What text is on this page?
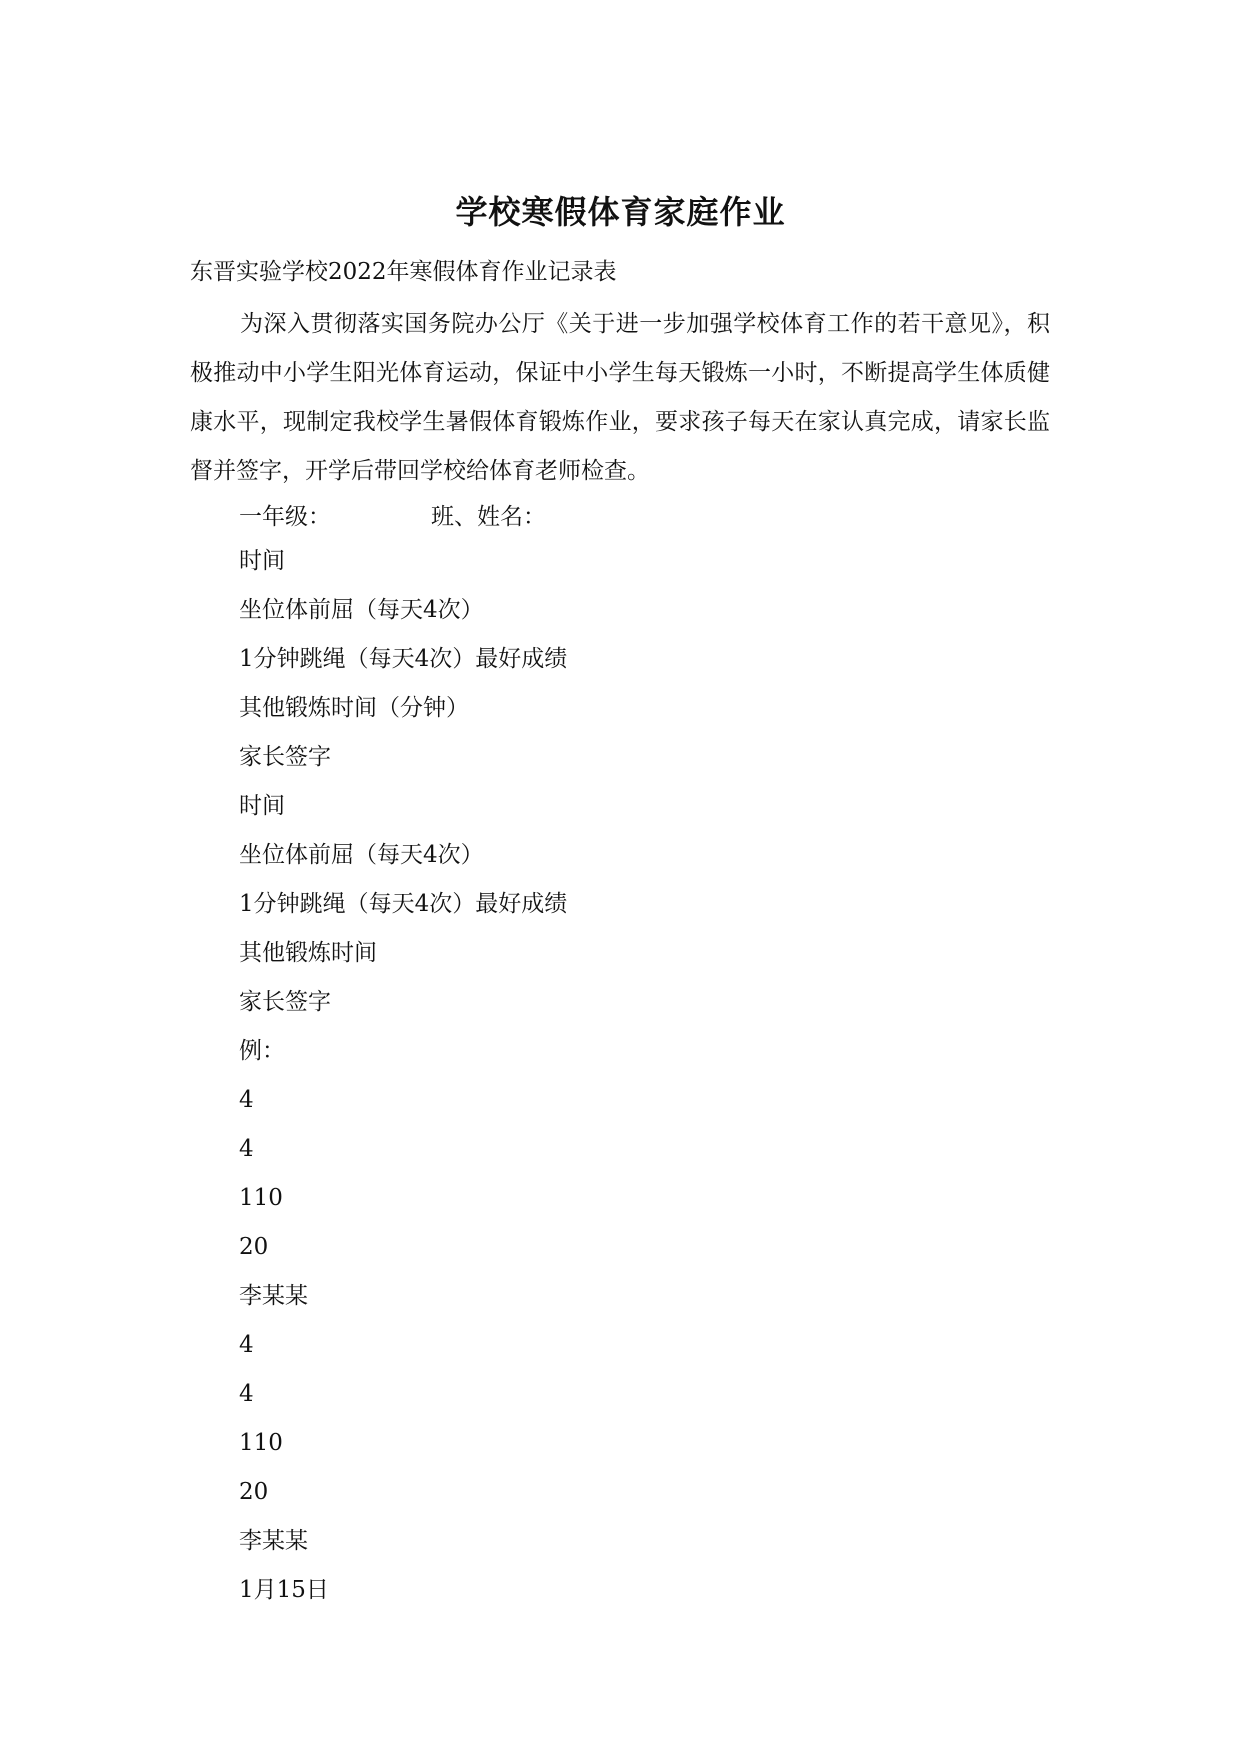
学校寒假体育家庭作业

东晋实验学校2022年寒假体育作业记录表

为深入贯彻落实国务院办公厅《关于进一步加强学校体育工作的若干意见》，积极推动中小学生阳光体育运动，保证中小学生每天锻炼一小时，不断提高学生体质健康水平，现制定我校学生暑假体育锻炼作业，要求孩子每天在家认真完成，请家长监督并签字，开学后带回学校给体育老师检查。

一年级：	班、姓名：

时间
坐位体前屈（每天4次）
1分钟跳绳（每天4次）最好成绩
其他锻炼时间（分钟）
家长签字
时间
坐位体前屈（每天4次）
1分钟跳绳（每天4次）最好成绩
其他锻炼时间
家长签字
例：
4
4
110
20
李某某
4
4
110
20
李某某
1月15日
